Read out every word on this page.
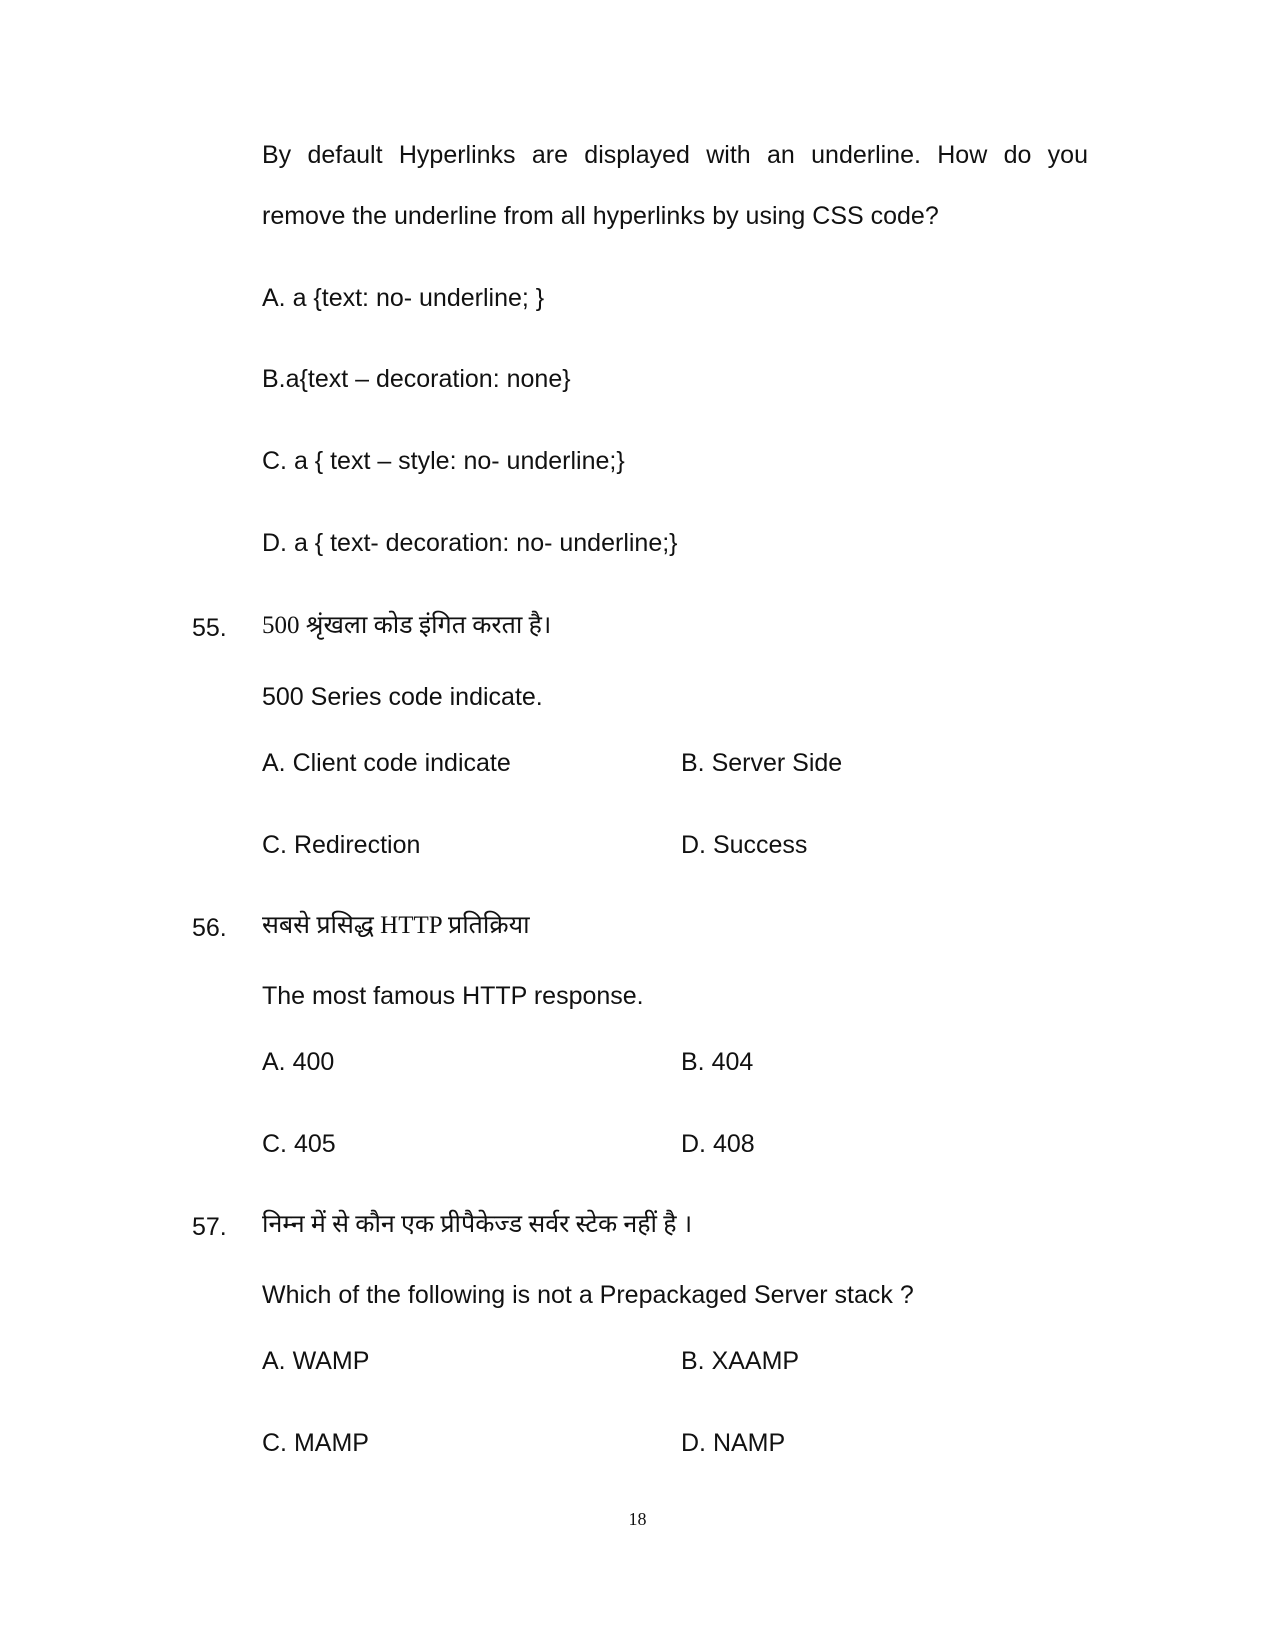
By default Hyperlinks are displayed with an underline. How do you
remove the underline from all hyperlinks by using CSS code?
A. a {text: no- underline; }
B.a{text – decoration: none}
C. a { text – style: no- underline;}
D. a { text- decoration: no- underline;}
55. 500 श्रृंखला कोड इंगित करता है।
500 Series code indicate.
A. Client code indicate	B. Server Side
C. Redirection	D. Success
56. सबसे प्रसिद्ध HTTP प्रतिक्रिया
The most famous HTTP response.
A. 400	B. 404
C. 405	D. 408
57. निम्न में से कौन एक प्रीपैकेज्ड सर्वर स्टेक नहीं है ।
Which of the following is not a Prepackaged Server stack ?
A. WAMP	B. XAAMP
C. MAMP	D. NAMP
18
